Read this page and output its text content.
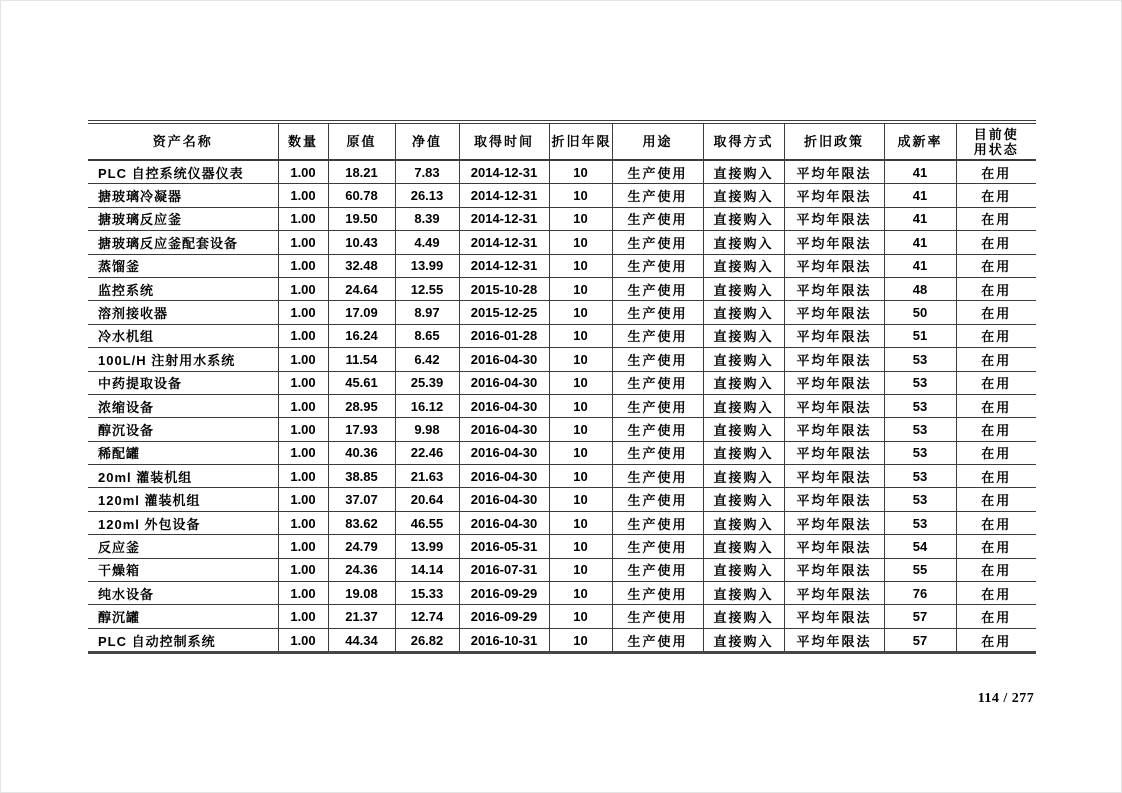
资产名称	数量	原值	净值	取得时间	折旧年限	用途	取得方式	折旧政策	成新率	目前使用状态
PLC 自控系统仪器仪表	1.00	18.21	7.83	2014-12-31	10	生产使用	直接购入	平均年限法	41	在用
搪玻璃冷凝器	1.00	60.78	26.13	2014-12-31	10	生产使用	直接购入	平均年限法	41	在用
搪玻璃反应釜	1.00	19.50	8.39	2014-12-31	10	生产使用	直接购入	平均年限法	41	在用
搪玻璃反应釜配套设备	1.00	10.43	4.49	2014-12-31	10	生产使用	直接购入	平均年限法	41	在用
蒸馏釜	1.00	32.48	13.99	2014-12-31	10	生产使用	直接购入	平均年限法	41	在用
监控系统	1.00	24.64	12.55	2015-10-28	10	生产使用	直接购入	平均年限法	48	在用
溶剂接收器	1.00	17.09	8.97	2015-12-25	10	生产使用	直接购入	平均年限法	50	在用
冷水机组	1.00	16.24	8.65	2016-01-28	10	生产使用	直接购入	平均年限法	51	在用
100L/H 注射用水系统	1.00	11.54	6.42	2016-04-30	10	生产使用	直接购入	平均年限法	53	在用
中药提取设备	1.00	45.61	25.39	2016-04-30	10	生产使用	直接购入	平均年限法	53	在用
浓缩设备	1.00	28.95	16.12	2016-04-30	10	生产使用	直接购入	平均年限法	53	在用
醇沉设备	1.00	17.93	9.98	2016-04-30	10	生产使用	直接购入	平均年限法	53	在用
稀配罐	1.00	40.36	22.46	2016-04-30	10	生产使用	直接购入	平均年限法	53	在用
20ml 灌装机组	1.00	38.85	21.63	2016-04-30	10	生产使用	直接购入	平均年限法	53	在用
120ml 灌装机组	1.00	37.07	20.64	2016-04-30	10	生产使用	直接购入	平均年限法	53	在用
120ml 外包设备	1.00	83.62	46.55	2016-04-30	10	生产使用	直接购入	平均年限法	53	在用
反应釜	1.00	24.79	13.99	2016-05-31	10	生产使用	直接购入	平均年限法	54	在用
干燥箱	1.00	24.36	14.14	2016-07-31	10	生产使用	直接购入	平均年限法	55	在用
纯水设备	1.00	19.08	15.33	2016-09-29	10	生产使用	直接购入	平均年限法	76	在用
醇沉罐	1.00	21.37	12.74	2016-09-29	10	生产使用	直接购入	平均年限法	57	在用
PLC 自动控制系统	1.00	44.34	26.82	2016-10-31	10	生产使用	直接购入	平均年限法	57	在用
114 / 277
